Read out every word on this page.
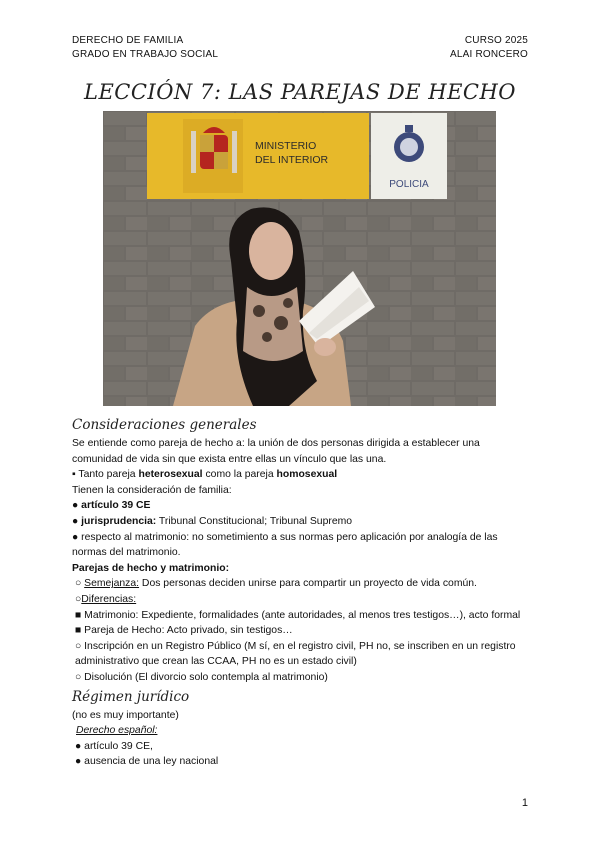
DERECHO DE FAMILIA
GRADO EN TRABAJO SOCIAL
CURSO 2025
ALAI RONCERO
LECCIÓN 7: LAS PAREJAS DE HECHO
MINISTERIO
DEL INTERIOR
POLICIA

Consideraciones generales

Se entiende como pareja de hecho a: la unión de dos personas dirigida a establecer una comunidad de vida sin que exista entre ellas un vínculo que las una.

▪ Tanto pareja heterosexual como la pareja homosexual

Tienen la consideración de familia:

● artículo 39 CE

● jurisprudencia: Tribunal Constitucional; Tribunal Supremo

● respecto al matrimonio: no sometimiento a sus normas pero aplicación por analogía de las normas del matrimonio.

Parejas de hecho y matrimonio:

○ Semejanza: Dos personas deciden unirse para compartir un proyecto de vida común.

○Diferencias:

■ Matrimonio: Expediente, formalidades (ante autoridades, al menos tres testigos…), acto formal

■ Pareja de Hecho: Acto privado, sin testigos…

○ Inscripción en un Registro Público (M sí, en el registro civil, PH no, se inscriben en un registro administrativo que crean las CCAA, PH no es un estado civil)

○ Disolución (El divorcio solo contempla al matrimonio)

Régimen jurídico

(no es muy importante)

Derecho español:

● artículo 39 CE,

● ausencia de una ley nacional

1
